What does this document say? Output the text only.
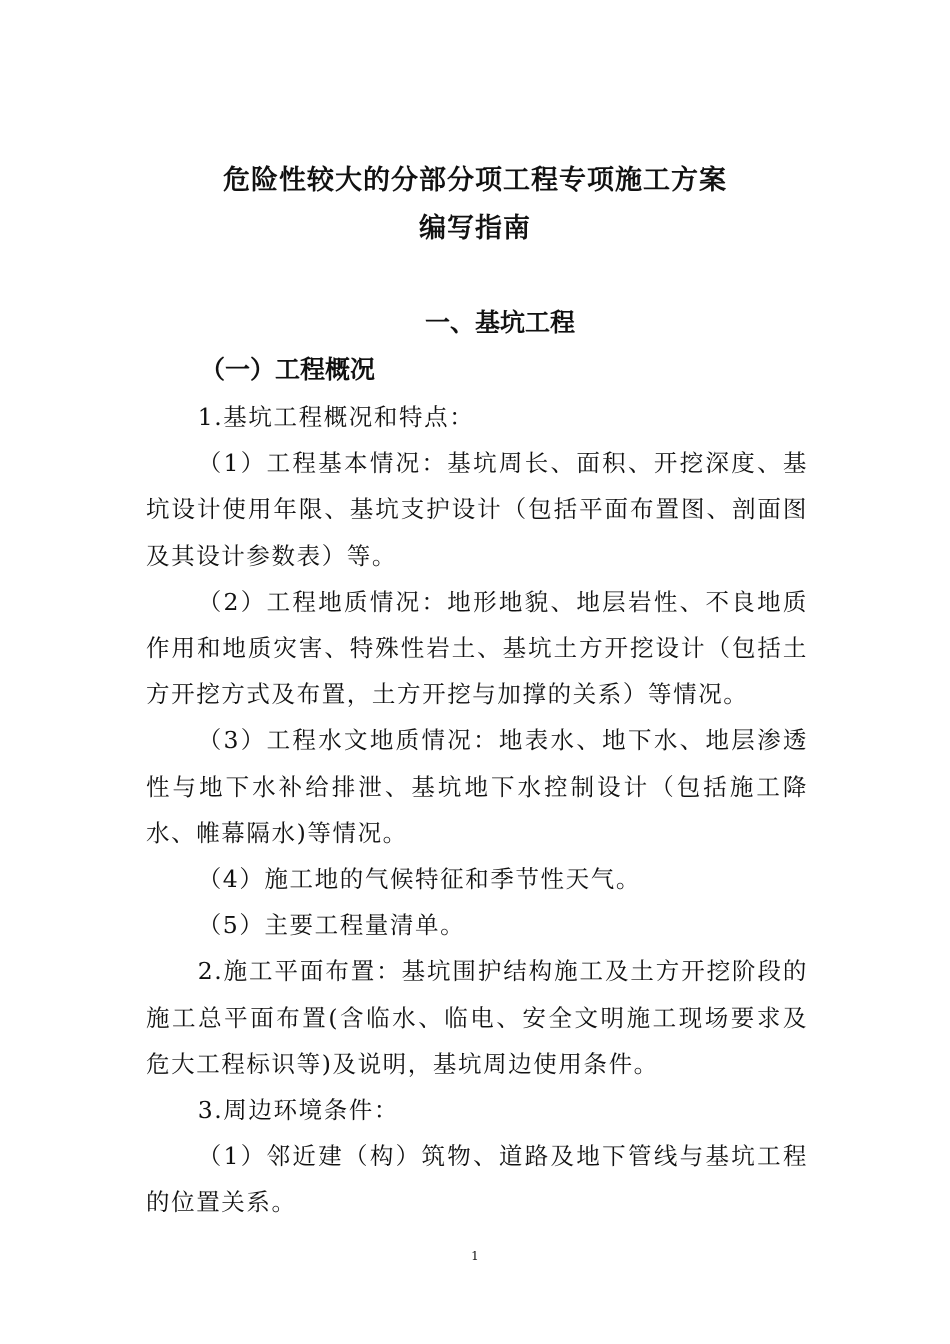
危险性较大的分部分项工程专项施工方案
编写指南
一、基坑工程
（一）工程概况

1.基坑工程概况和特点：

（1）工程基本情况：基坑周长、面积、开挖深度、基坑设计使用年限、基坑支护设计（包括平面布置图、剖面图及其设计参数表）等。

（2）工程地质情况：地形地貌、地层岩性、不良地质作用和地质灾害、特殊性岩土、基坑土方开挖设计（包括土方开挖方式及布置，土方开挖与加撑的关系）等情况。

（3）工程水文地质情况：地表水、地下水、地层渗透性与地下水补给排泄、基坑地下水控制设计（包括施工降水、帷幕隔水)等情况。

（4）施工地的气候特征和季节性天气。

（5）主要工程量清单。

2.施工平面布置：基坑围护结构施工及土方开挖阶段的施工总平面布置(含临水、临电、安全文明施工现场要求及危大工程标识等)及说明，基坑周边使用条件。

3.周边环境条件：

（1）邻近建（构）筑物、道路及地下管线与基坑工程的位置关系。

1
